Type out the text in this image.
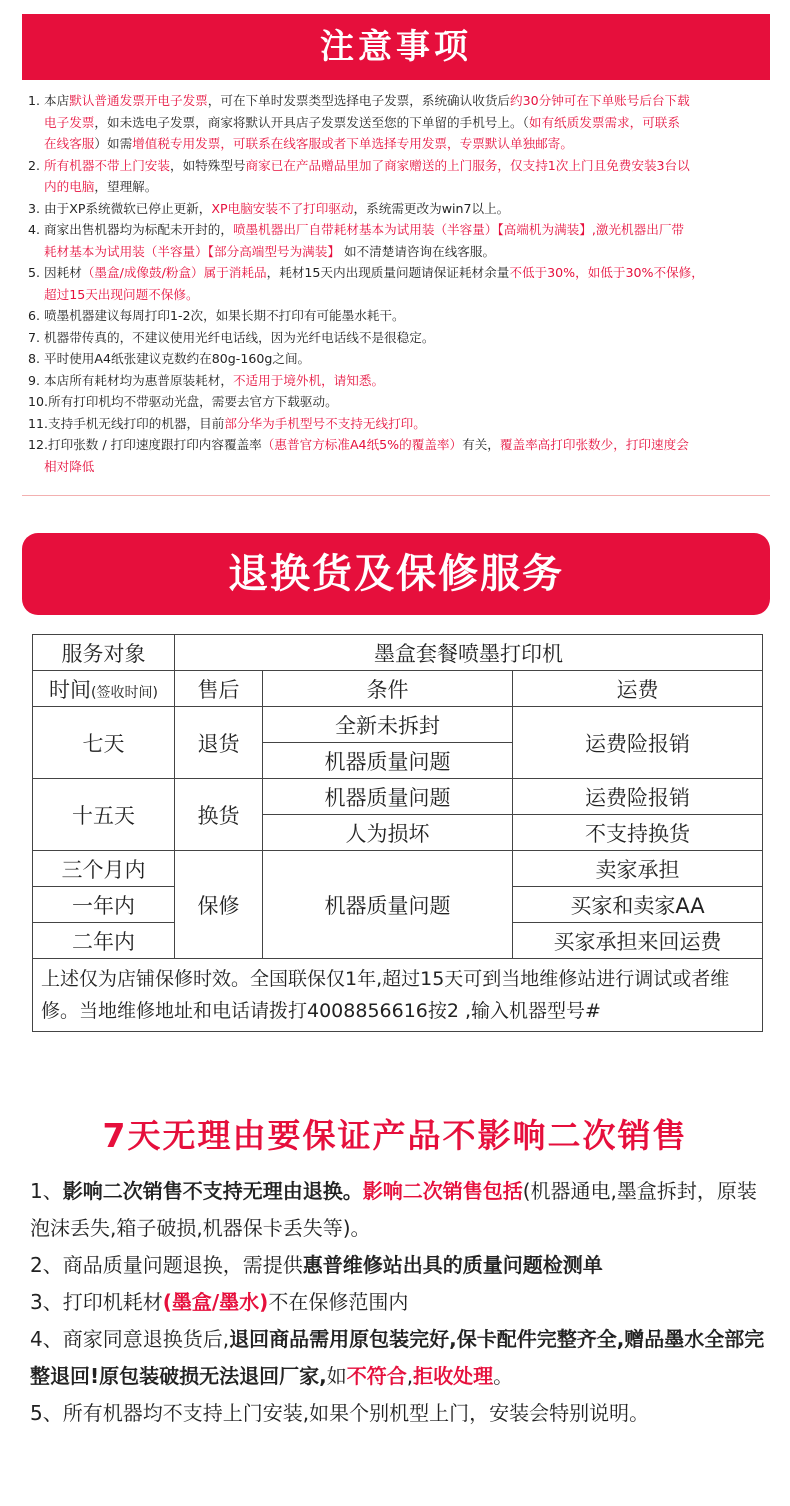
注意事项
1. 本店默认普通发票开电子发票，可在下单时发票类型选择电子发票，系统确认收货后约30分钟可在下单账号后台下载
电子发票，如未选电子发票，商家将默认开具店子发票发送至您的下单留的手机号上。（如有纸质发票需求，可联系
在线客服）如需增值税专用发票，可联系在线客服或者下单选择专用发票，专票默认单独邮寄。
2. 所有机器不带上门安装，如特殊型号商家已在产品赠品里加了商家赠送的上门服务，仅支持1次上门且免费安装3台以
内的电脑，望理解。
3. 由于XP系统微软已停止更新，XP电脑安装不了打印驱动，系统需更改为win7以上。
4. 商家出售机器均为标配未开封的，喷墨机器出厂自带耗材基本为试用装（半容量）【高端机为满装】,激光机器出厂带
耗材基本为试用装（半容量）【部分高端型号为满装】 如不清楚请咨询在线客服。
5. 因耗材（墨盒/成像鼓/粉盒）属于消耗品，耗材15天内出现质量问题请保证耗材余量不低于30%，如低于30%不保修，
超过15天出现问题不保修。
6. 喷墨机器建议每周打印1-2次，如果长期不打印有可能墨水耗干。
7. 机器带传真的，不建议使用光纤电话线，因为光纤电话线不是很稳定。
8. 平时使用A4纸张建议克数约在80g-160g之间。
9. 本店所有耗材均为惠普原装耗材，不适用于境外机，请知悉。
10.所有打印机均不带驱动光盘，需要去官方下载驱动。
11.支持手机无线打印的机器，目前部分华为手机型号不支持无线打印。
12.打印张数 / 打印速度跟打印内容覆盖率（惠普官方标准A4纸5%的覆盖率）有关，覆盖率高打印张数少，打印速度会
相对降低
退换货及保修服务
服务对象	墨盒套餐喷墨打印机		
时间(签收时间)	售后	条件	运费
七天	退货	全新未拆封	运费险报销
		机器质量问题	
十五天	换货	机器质量问题	运费险报销
		人为损坏	不支持换货
三个月内	保修	机器质量问题	卖家承担
一年内			买家和卖家AA
二年内			买家承担来回运费
上述仅为店铺保修时效。全国联保仅1年,超过15天可到当地维修站进行调试或者维修。当地维修地址和电话请拨打4008856616按2 ,输入机器型号#			
7天无理由要保证产品不影响二次销售
1、影响二次销售不支持无理由退换。影响二次销售包括(机器通电,墨盒拆封，原装泡沫丢失,箱子破损,机器保卡丢失等)。
2、商品质量问题退换，需提供惠普维修站出具的质量问题检测单
3、打印机耗材(墨盒/墨水)不在保修范围内
4、商家同意退换货后,退回商品需用原包装完好,保卡配件完整齐全,赠品墨水全部完整退回!原包装破损无法退回厂家,如不符合,拒收处理。
5、所有机器均不支持上门安装,如果个别机型上门，安装会特别说明。
